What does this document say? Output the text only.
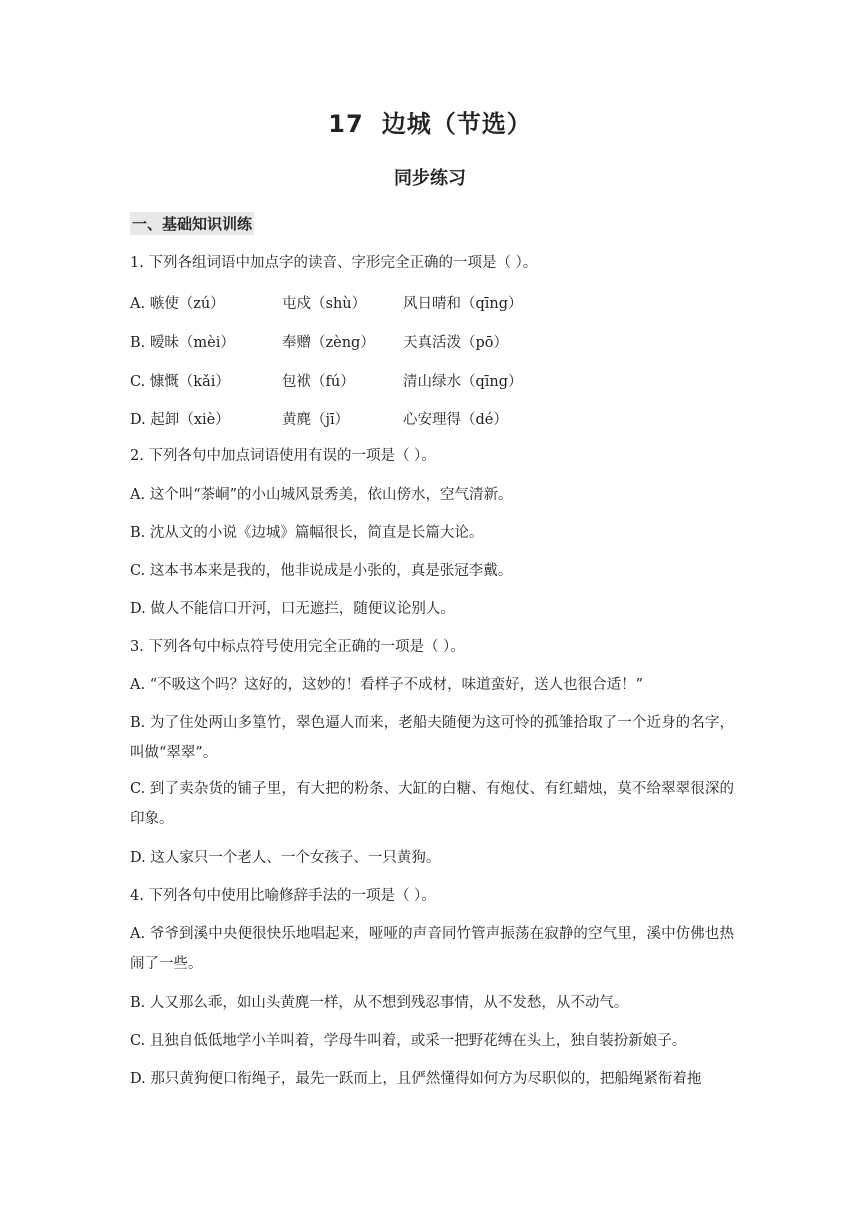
17 边城（节选）
同步练习
一、基础知识训练
1. 下列各组词语中加点字的读音、字形完全正确的一项是（ ）。
A. 嗾使（zú）	屯戍（shù）	风日晴和（qīng）
B. 暧昧（mèi）	奉赠（zèng） 天真活泼（pō）
C. 慷慨（kǎi）	包袱（fú）	清山绿水（qīng）
D. 起卸（xiè）	黄麂（jī）	心安理得（dé）
2. 下列各句中加点词语使用有误的一项是（ ）。
A. 这个叫“茶峒”的小山城风景秀美，依山傍水，空气清新。
B. 沈从文的小说《边城》篇幅很长，简直是长篇大论。
C. 这本书本来是我的，他非说成是小张的，真是张冠李戴。
D. 做人不能信口开河，口无遮拦，随便议论别人。
3. 下列各句中标点符号使用完全正确的一项是（ ）。
A. “不吸这个吗？这好的，这妙的！看样子不成材，味道蛮好，送人也很合适！”
B. 为了住处两山多篁竹，翠色逼人而来，老船夫随便为这可怜的孤雏拾取了一个近身的名字，叫做“翠翠”。
C. 到了卖杂货的铺子里，有大把的粉条、大缸的白糖、有炮仗、有红蜡烛，莫不给翠翠很深的印象。
D. 这人家只一个老人、一个女孩子、一只黄狗。
4. 下列各句中使用比喻修辞手法的一项是（ ）。
A. 爷爷到溪中央便很快乐地唱起来，哑哑的声音同竹管声振荡在寂静的空气里，溪中仿佛也热闹了一些。
B. 人又那么乖，如山头黄麂一样，从不想到残忍事情，从不发愁，从不动气。
C. 且独自低低地学小羊叫着，学母牛叫着，或采一把野花缚在头上，独自装扮新娘子。
D. 那只黄狗便口衔绳子，最先一跃而上，且俨然懂得如何方为尽职似的，把船绳紧衔着拖
